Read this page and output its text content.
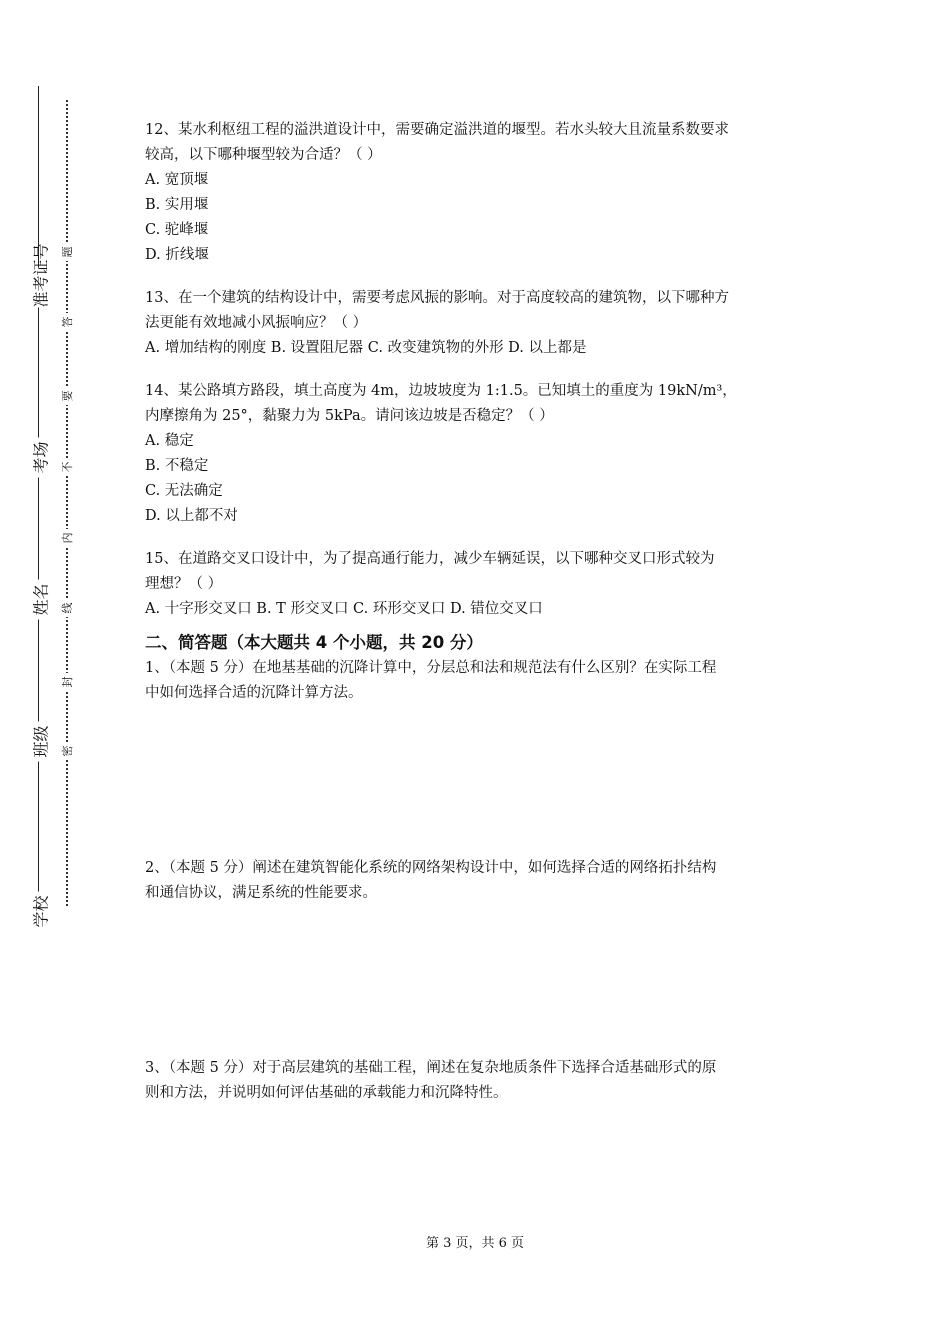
准考证号
考场
姓名
班级
学校
题
答
要
不
内
线
封
密

12、某水利枢纽工程的溢洪道设计中，需要确定溢洪道的堰型。若水头较大且流量系数要求

较高，以下哪种堰型较为合适？（ ）

A. 宽顶堰

B. 实用堰

C. 驼峰堰

D. 折线堰

13、在一个建筑的结构设计中，需要考虑风振的影响。对于高度较高的建筑物，以下哪种方

法更能有效地减小风振响应？（ ）

A. 增加结构的刚度 B. 设置阻尼器 C. 改变建筑物的外形 D. 以上都是

14、某公路填方路段，填土高度为 4m，边坡坡度为 1:1.5。已知填土的重度为 19kN/m³，

内摩擦角为 25°，黏聚力为 5kPa。请问该边坡是否稳定？（ ）

A. 稳定

B. 不稳定

C. 无法确定

D. 以上都不对

15、在道路交叉口设计中，为了提高通行能力，减少车辆延误，以下哪种交叉口形式较为

理想？（ ）

A. 十字形交叉口 B. T 形交叉口 C. 环形交叉口 D. 错位交叉口

二、简答题（本大题共 4 个小题，共 20 分）

1、（本题 5 分）在地基基础的沉降计算中，分层总和法和规范法有什么区别？在实际工程

中如何选择合适的沉降计算方法。

2、（本题 5 分）阐述在建筑智能化系统的网络架构设计中，如何选择合适的网络拓扑结构

和通信协议，满足系统的性能要求。

3、（本题 5 分）对于高层建筑的基础工程，阐述在复杂地质条件下选择合适基础形式的原

则和方法，并说明如何评估基础的承载能力和沉降特性。

第 3 页，共 6 页
